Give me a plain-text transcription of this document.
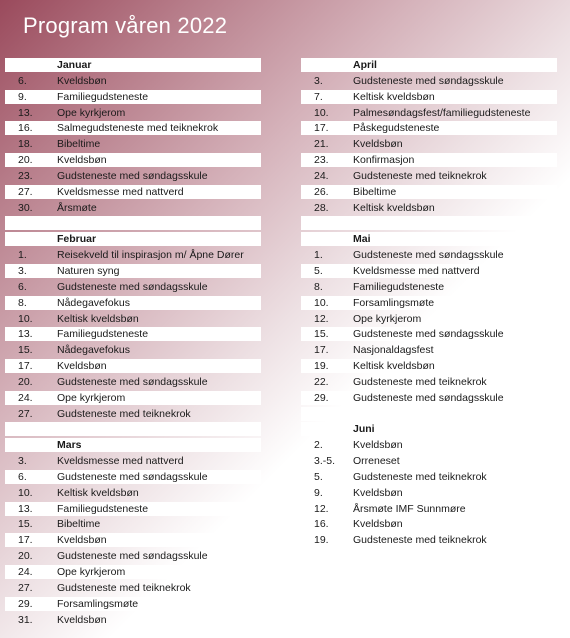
Program våren 2022
Januar
6.	Kveldsbøn
9.	Familiegudsteneste
13.	Ope kyrkjerom
16.	Salmegudsteneste med teiknekrok
18.	Bibeltime
20.	Kveldsbøn
23.	Gudsteneste med søndagsskule
27.	Kveldsmesse med nattverd
30.	Årsmøte
Februar
1.	Reisekveld til inspirasjon m/ Åpne Dører
3.	Naturen syng
6.	Gudsteneste med søndagsskule
8.	Nådegavefokus
10.	Keltisk kveldsbøn
13.	Familiegudsteneste
15.	Nådegavefokus
17.	Kveldsbøn
20.	Gudsteneste med søndagsskule
24.	Ope kyrkjerom
27.	Gudsteneste med teiknekrok
Mars
3.	Kveldsmesse med nattverd
6.	Gudsteneste med søndagsskule
10.	Keltisk kveldsbøn
13.	Familiegudsteneste
15.	Bibeltime
17.	Kveldsbøn
20.	Gudsteneste med søndagsskule
24.	Ope kyrkjerom
27.	Gudsteneste med teiknekrok
29.	Forsamlingsmøte
31.	Kveldsbøn
April
3.	Gudsteneste med søndagsskule
7.	Keltisk kveldsbøn
10.	Palmesøndagsfest/familiegudsteneste
17.	Påskegudsteneste
21.	Kveldsbøn
23.	Konfirmasjon
24.	Gudsteneste med teiknekrok
26.	Bibeltime
28.	Keltisk kveldsbøn
Mai
1.	Gudsteneste med søndagsskule
5.	Kveldsmesse med nattverd
8.	Familiegudsteneste
10.	Forsamlingsmøte
12.	Ope kyrkjerom
15.	Gudsteneste med søndagsskule
17.	Nasjonaldagsfest
19.	Keltisk kveldsbøn
22.	Gudsteneste med teiknekrok
29.	Gudsteneste med søndagsskule
Juni
2.	Kveldsbøn
3.-5.	Orreneset
5.	Gudsteneste med teiknekrok
9.	Kveldsbøn
12.	Årsmøte IMF Sunnmøre
16.	Kveldsbøn
19.	Gudsteneste med teiknekrok
